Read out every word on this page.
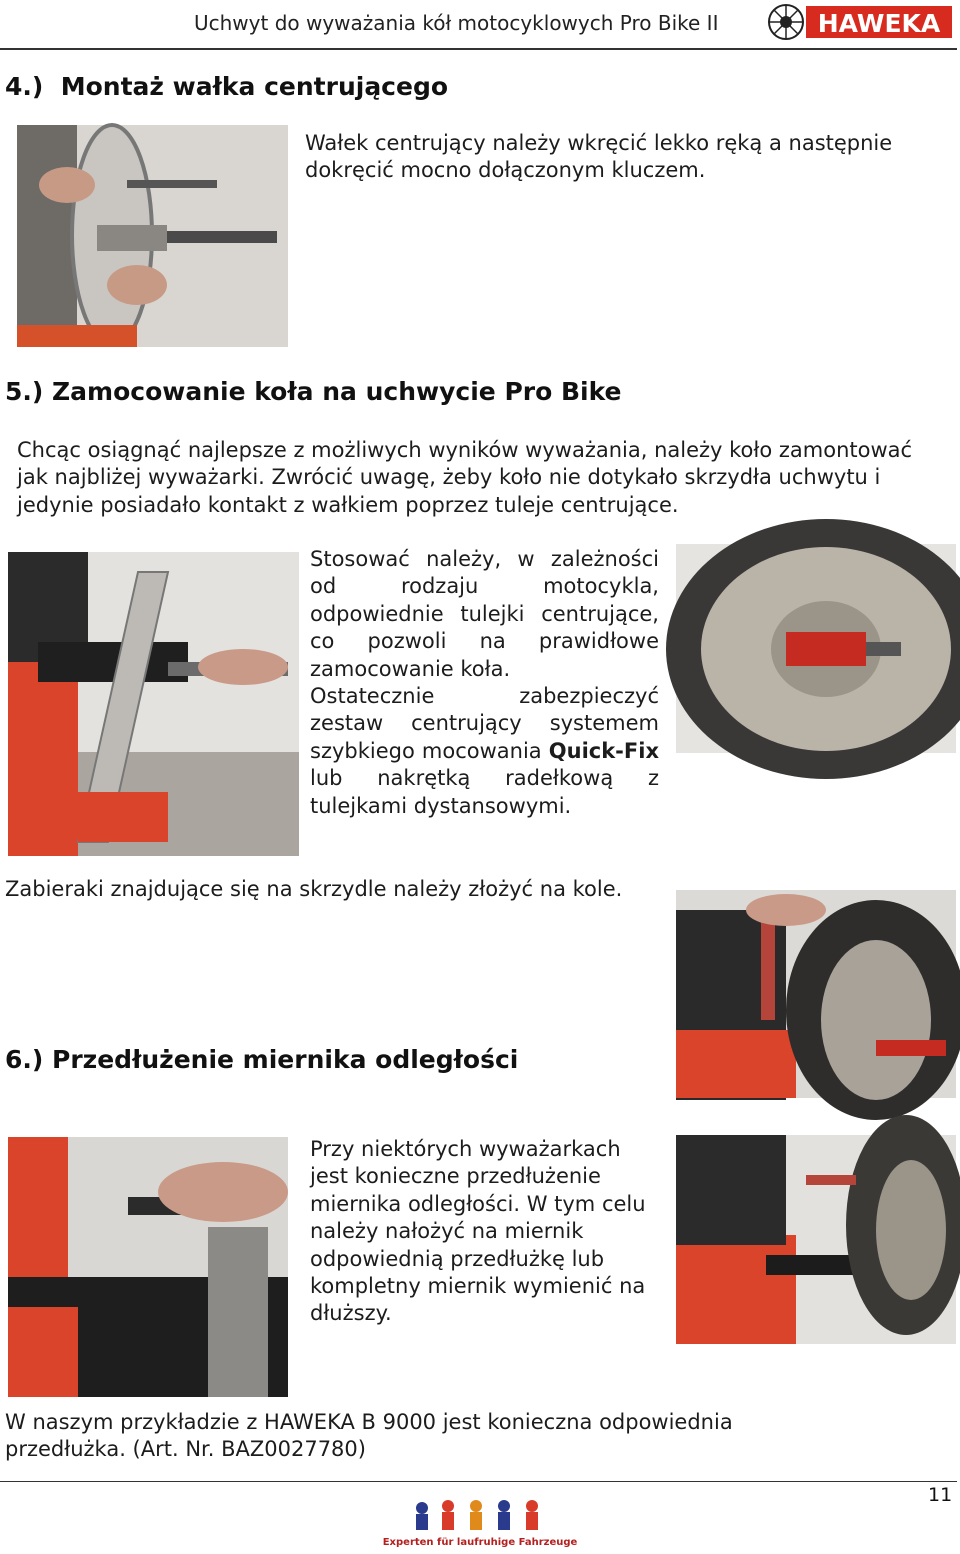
Uchwyt do wyważania kół motocyklowych Pro Bike II	HAWEKA
4.)  Montaż wałka centrującego
Wałek centrujący należy wkręcić lekko ręką a następnie dokręcić mocno dołączonym kluczem.
5.) Zamocowanie koła na uchwycie Pro Bike
Chcąc osiągnąć najlepsze z możliwych wyników wyważania, należy koło zamontować jak najbliżej wyważarki. Zwrócić uwagę, żeby koło nie dotykało skrzydła uchwytu i jedynie posiadało kontakt z wałkiem poprzez tuleje centrujące.
Stosować należy, w zależności
od rodzaju motocykla,
odpowiednie tulejki centrujące,
co pozwoli na prawidłowe
zamocowanie koła.
Ostatecznie zabezpieczyć
zestaw centrujący systemem
szybkiego mocowania Quick-Fix
lub nakrętką radełkową z
tulejkami dystansowymi.
Zabieraki znajdujące się na skrzydle należy złożyć na kole.
6.) Przedłużenie miernika odległości
Przy niektórych wyważarkach jest konieczne przedłużenie miernika odległości. W tym celu należy nałożyć na miernik odpowiednią przedłużkę lub kompletny miernik wymienić na dłuższy.
W naszym przykładzie z HAWEKA B 9000 jest konieczna odpowiednia
przedłużka. (Art. Nr. BAZ0027780)
11
Experten für laufruhige Fahrzeuge
